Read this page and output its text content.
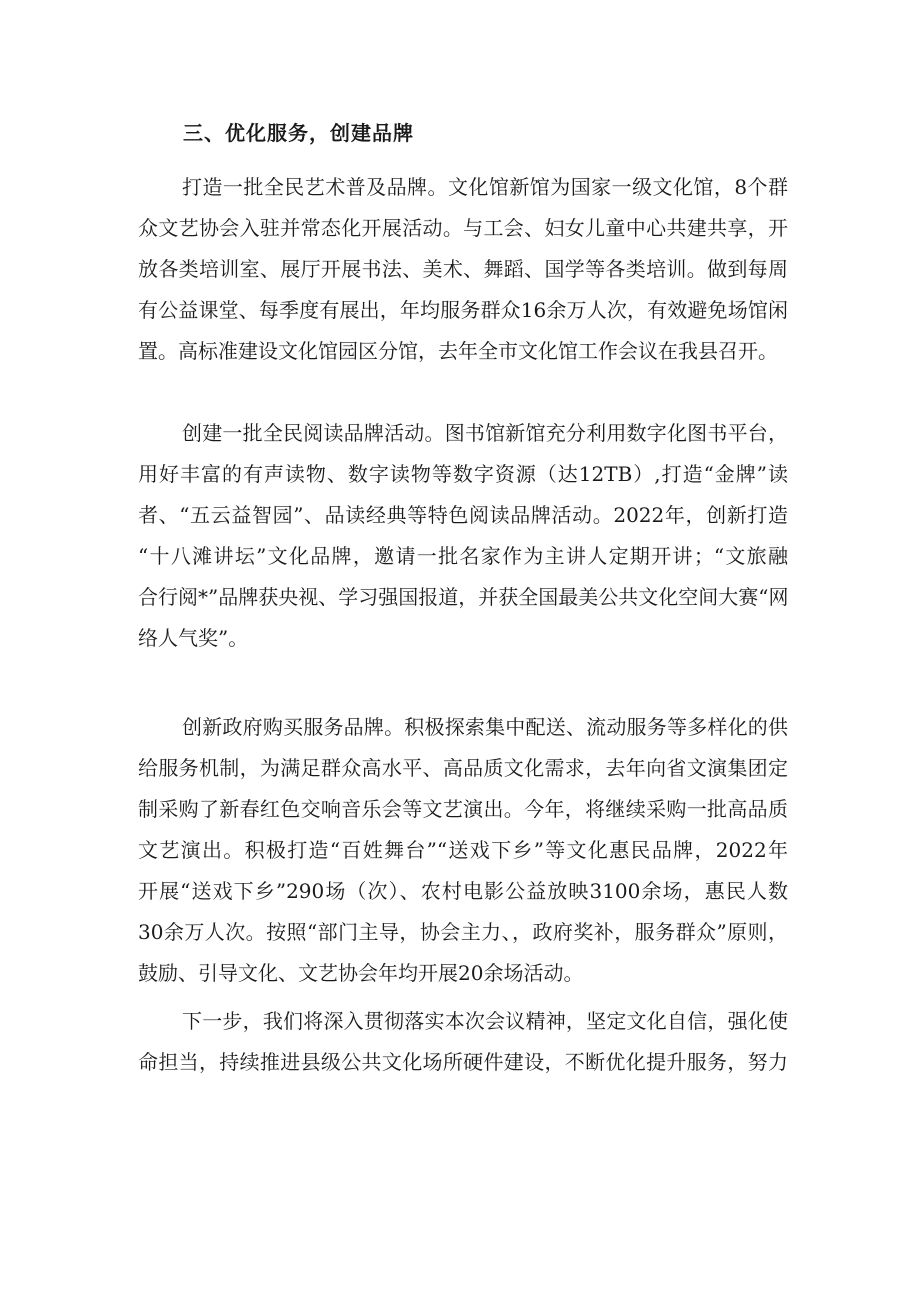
三、优化服务，创建品牌
打造一批全民艺术普及品牌。文化馆新馆为国家一级文化馆，8个群
众文艺协会入驻并常态化开展活动。与工会、妇女儿童中心共建共享，开
放各类培训室、展厅开展书法、美术、舞蹈、国学等各类培训。做到每周
有公益课堂、每季度有展出，年均服务群众16余万人次，有效避免场馆闲
置。高标准建设文化馆园区分馆，去年全市文化馆工作会议在我县召开。
创建一批全民阅读品牌活动。图书馆新馆充分利用数字化图书平台，
用好丰富的有声读物、数字读物等数字资源（达12TB）,打造“金牌”读
者、“五云益智园”、品读经典等特色阅读品牌活动。2022年，创新打造
“十八滩讲坛”文化品牌，邀请一批名家作为主讲人定期开讲；“文旅融
合行阅*”品牌获央视、学习强国报道，并获全国最美公共文化空间大赛“网
络人气奖”。
创新政府购买服务品牌。积极探索集中配送、流动服务等多样化的供
给服务机制，为满足群众高水平、高品质文化需求，去年向省文演集团定
制采购了新春红色交响音乐会等文艺演出。今年，将继续采购一批高品质
文艺演出。积极打造“百姓舞台”“送戏下乡”等文化惠民品牌，2022年
开展“送戏下乡”290场（次）、农村电影公益放映3100余场，惠民人数
30余万人次。按照“部门主导，协会主力、，政府奖补，服务群众”原则，
鼓励、引导文化、文艺协会年均开展20余场活动。
下一步，我们将深入贯彻落实本次会议精神，坚定文化自信，强化使
命担当，持续推进县级公共文化场所硬件建设，不断优化提升服务，努力
